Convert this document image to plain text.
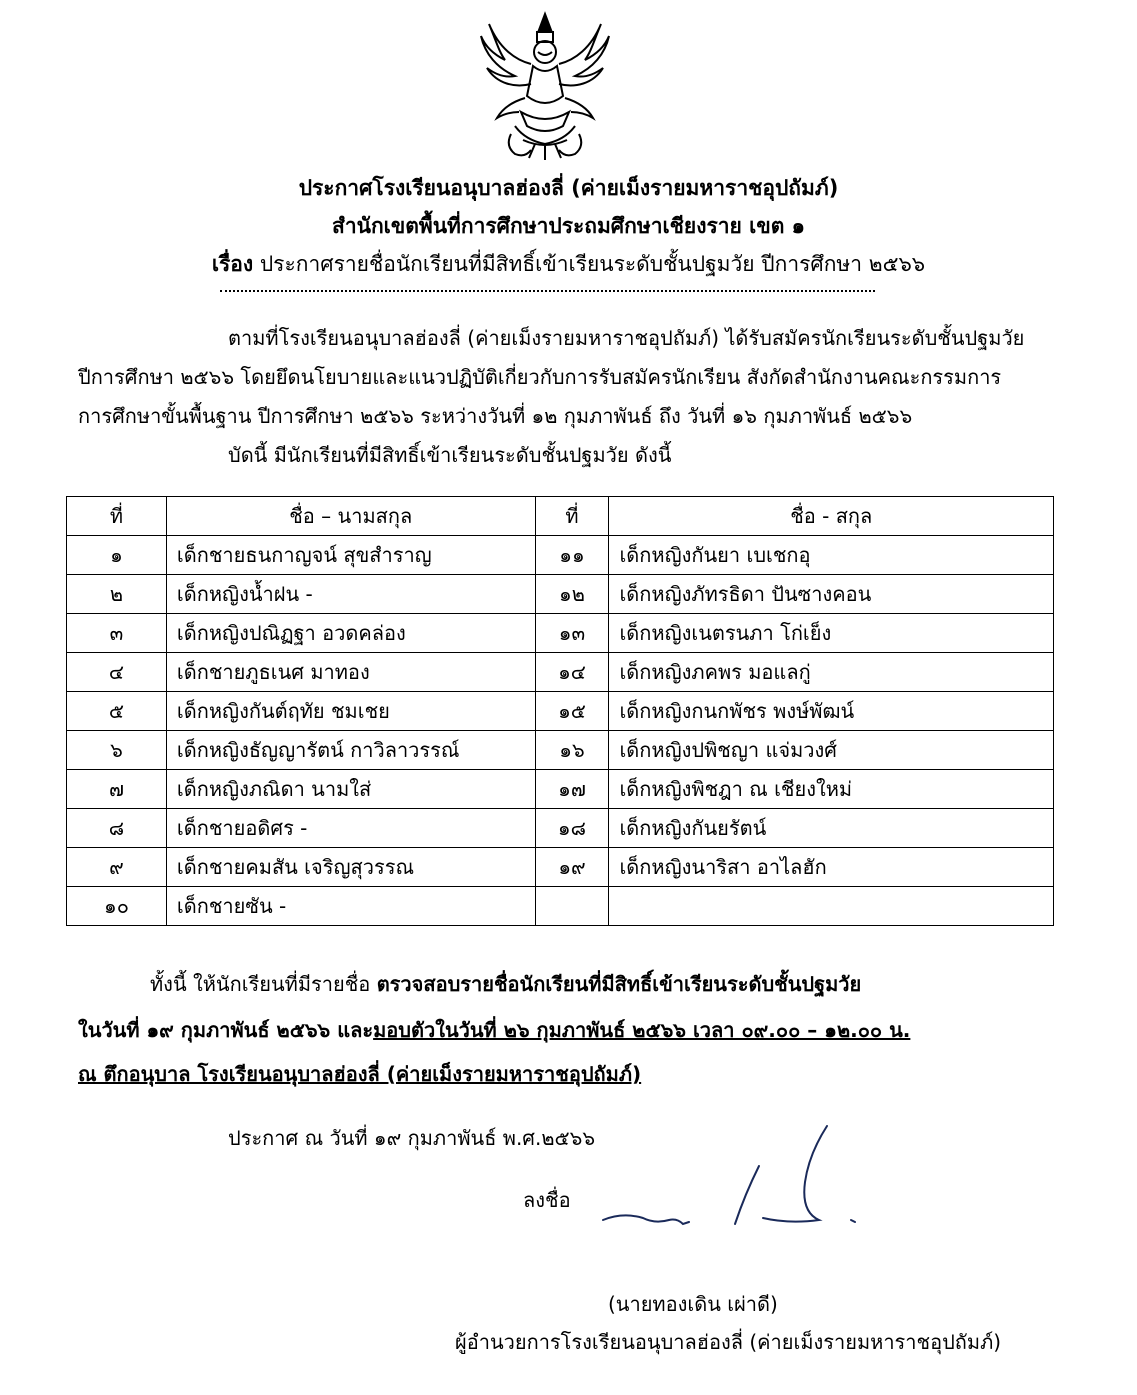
ประกาศโรงเรียนอนุบาลฮ่องลี่ (ค่ายเม็งรายมหาราชอุปถัมภ์)
สำนักเขตพื้นที่การศึกษาประถมศึกษาเชียงราย เขต ๑
เรื่อง ประกาศรายชื่อนักเรียนที่มีสิทธิ์เข้าเรียนระดับชั้นปฐมวัย ปีการศึกษา ๒๕๖๖
ตามที่โรงเรียนอนุบาลฮ่องลี่ (ค่ายเม็งรายมหาราชอุปถัมภ์) ได้รับสมัครนักเรียนระดับชั้นปฐมวัย
ปีการศึกษา ๒๕๖๖ โดยยึดนโยบายและแนวปฏิบัติเกี่ยวกับการรับสมัครนักเรียน สังกัดสำนักงานคณะกรรมการ
การศึกษาขั้นพื้นฐาน ปีการศึกษา ๒๕๖๖ ระหว่างวันที่ ๑๒ กุมภาพันธ์ ถึง วันที่ ๑๖ กุมภาพันธ์ ๒๕๖๖
บัดนี้ มีนักเรียนที่มีสิทธิ์เข้าเรียนระดับชั้นปฐมวัย ดังนี้
ที่	ชื่อ – นามสกุล	ที่	ชื่อ - สกุล
๑	เด็กชายธนกาญจน์ สุขสำราญ	๑๑	เด็กหญิงกันยา เบเชกอุ
๒	เด็กหญิงน้ำฝน -	๑๒	เด็กหญิงภัทรธิดา ปันซางคอน
๓	เด็กหญิงปณิฏฐา อวดคล่อง	๑๓	เด็กหญิงเนตรนภา โก่เย็ง
๔	เด็กชายภูธเนศ มาทอง	๑๔	เด็กหญิงภคพร มอแลกู่
๕	เด็กหญิงกันต์ฤทัย ชมเชย	๑๕	เด็กหญิงกนกพัชร พงษ์พัฒน์
๖	เด็กหญิงธัญญารัตน์ กาวิลาวรรณ์	๑๖	เด็กหญิงปพิชญา แจ่มวงศ์
๗	เด็กหญิงภณิดา นามใส่	๑๗	เด็กหญิงพิชฎา ณ เชียงใหม่
๘	เด็กชายอดิศร -	๑๘	เด็กหญิงกันยรัตน์
๙	เด็กชายคมสัน เจริญสุวรรณ	๑๙	เด็กหญิงนาริสา อาไลฮัก
๑๐	เด็กชายซัน -		
ทั้งนี้ ให้นักเรียนที่มีรายชื่อ ตรวจสอบรายชื่อนักเรียนที่มีสิทธิ์เข้าเรียนระดับชั้นปฐมวัย
ในวันที่ ๑๙ กุมภาพันธ์ ๒๕๖๖ และมอบตัวในวันที่ ๒๖ กุมภาพันธ์ ๒๕๖๖ เวลา ๐๙.๐๐ – ๑๒.๐๐ น.
ณ ตึกอนุบาล โรงเรียนอนุบาลฮ่องลี่ (ค่ายเม็งรายมหาราชอุปถัมภ์)
ประกาศ ณ วันที่ ๑๙ กุมภาพันธ์ พ.ศ.๒๕๖๖
ลงชื่อ
(นายทองเดิน เผ่าดี)
ผู้อำนวยการโรงเรียนอนุบาลฮ่องลี่ (ค่ายเม็งรายมหาราชอุปถัมภ์)
